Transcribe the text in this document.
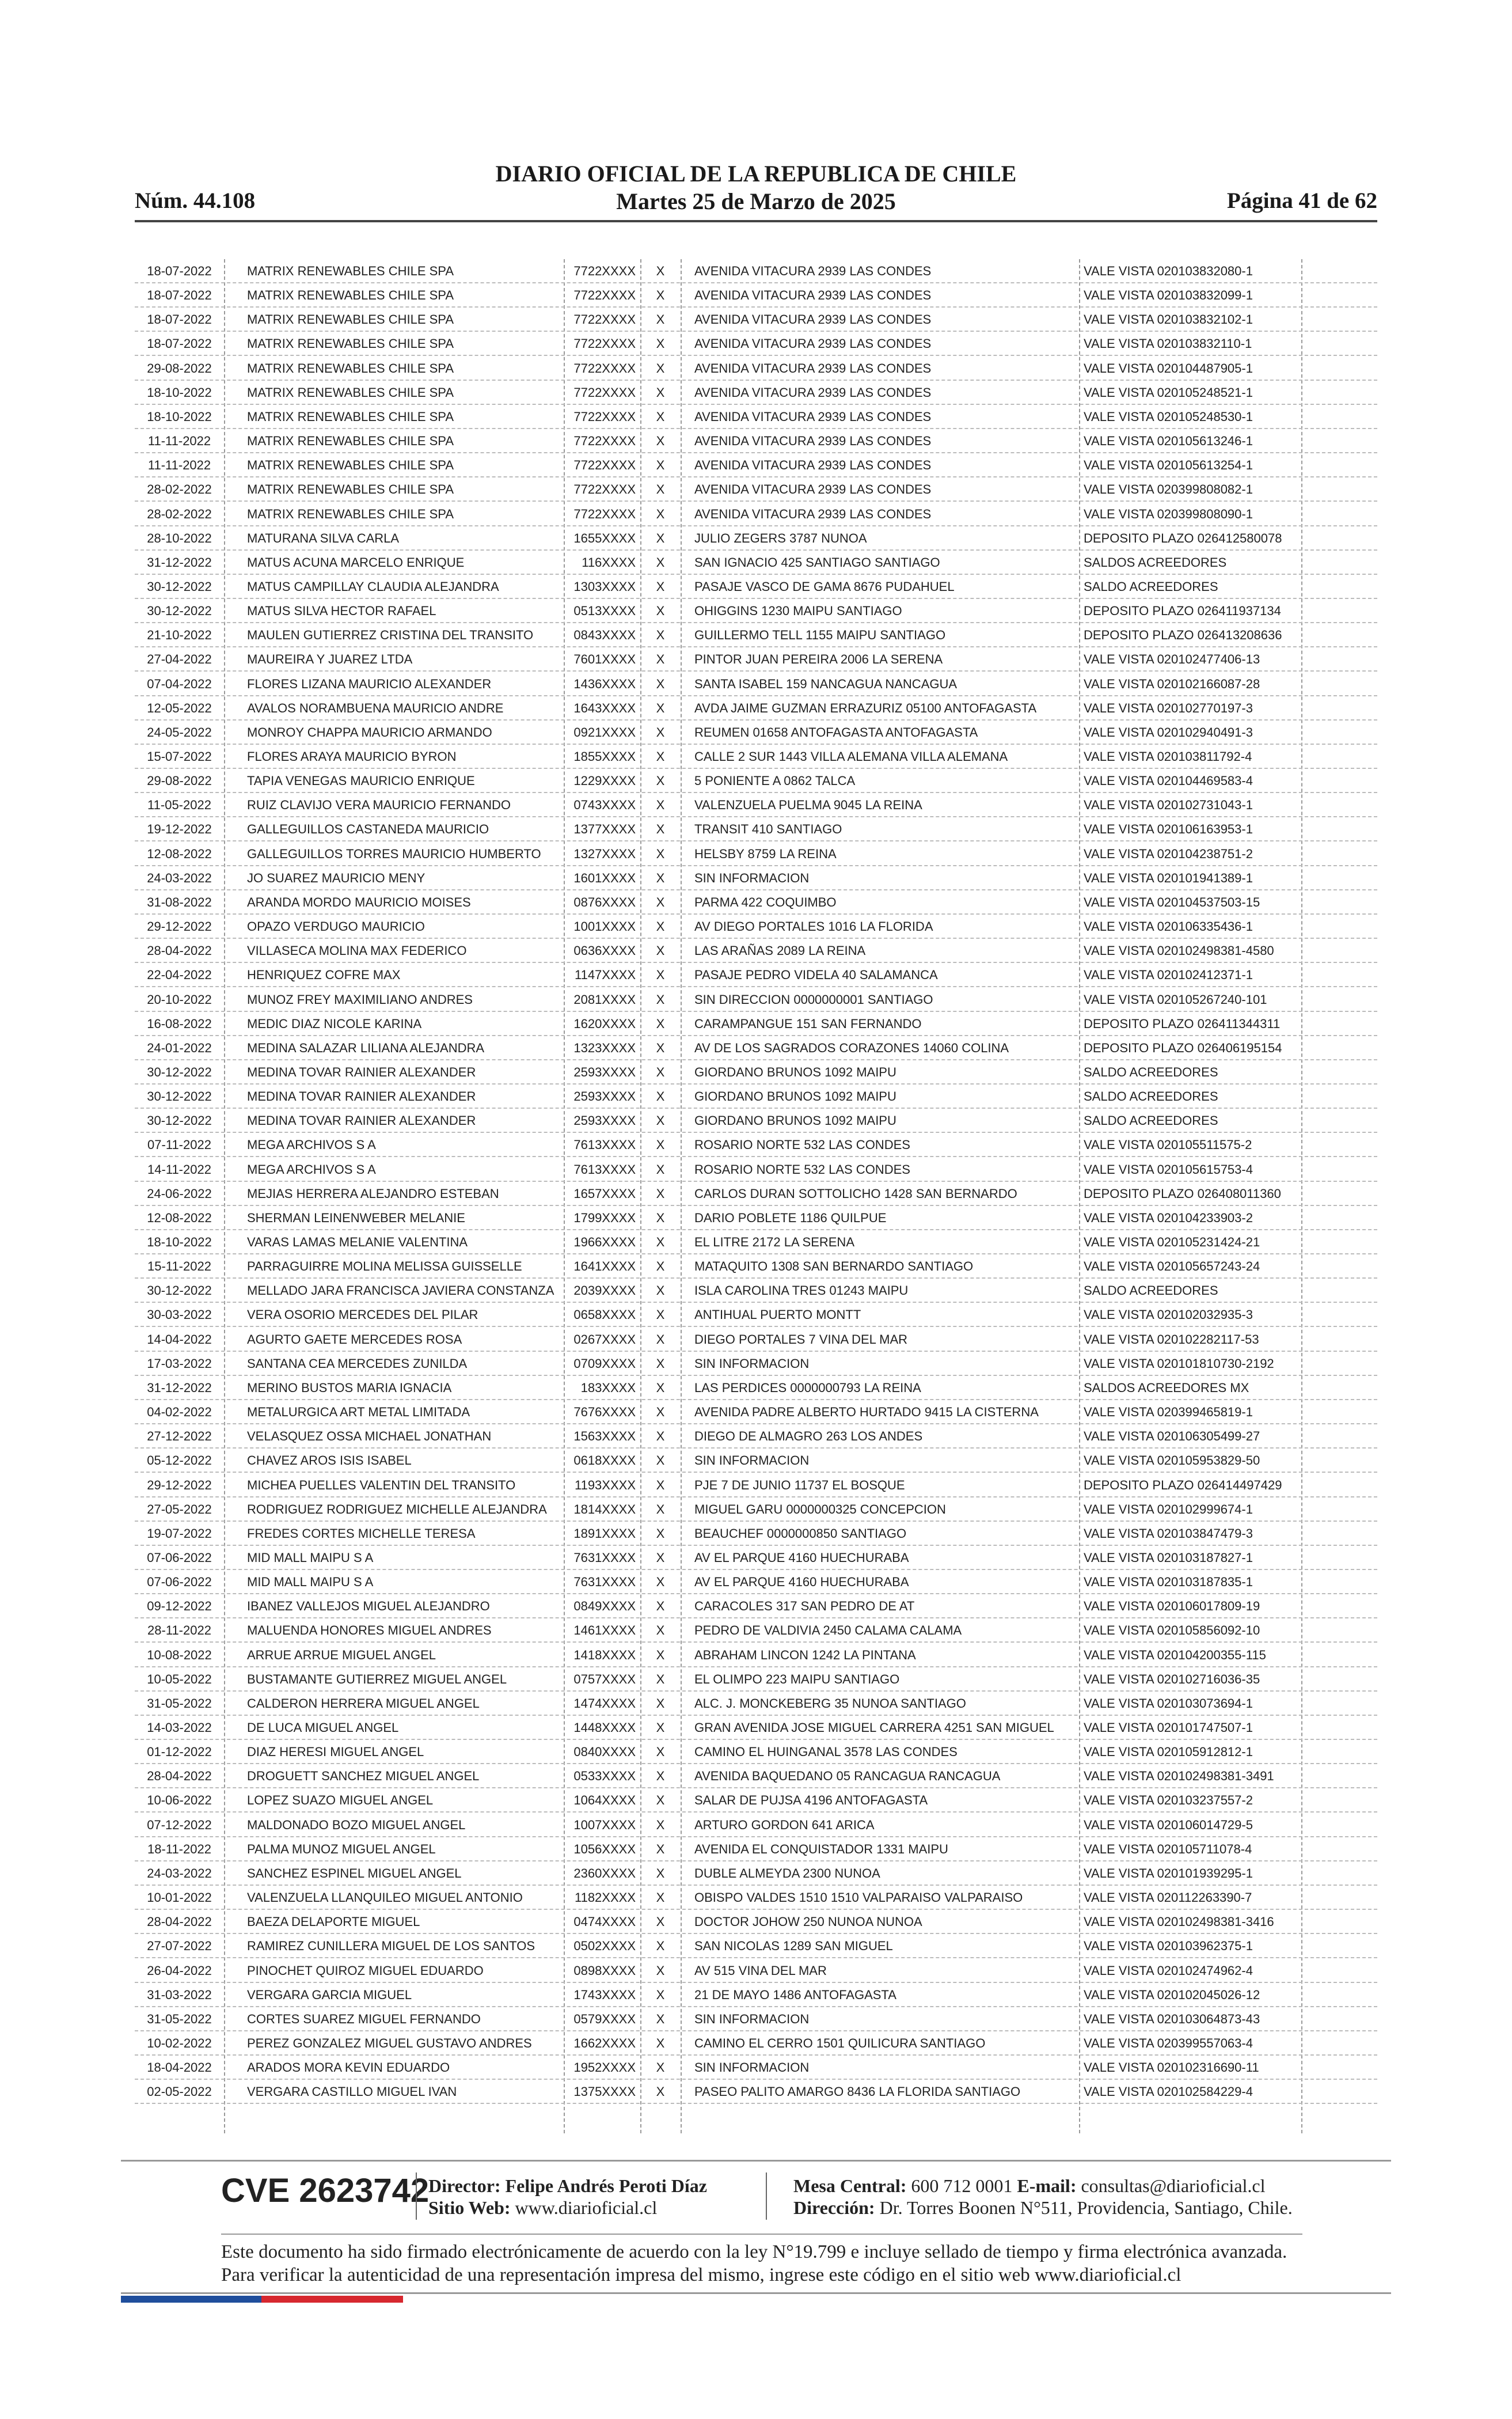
Núm. 44.108
DIARIO OFICIAL DE LA REPUBLICA DE CHILE
Martes 25 de Marzo de 2025	Página 41 de 62
18-07-2022	MATRIX RENEWABLES CHILE SPA	7722XXXX	X	AVENIDA VITACURA 2939 LAS CONDES	VALE VISTA 020103832080-1
18-07-2022	MATRIX RENEWABLES CHILE SPA	7722XXXX	X	AVENIDA VITACURA 2939 LAS CONDES	VALE VISTA 020103832099-1
18-07-2022	MATRIX RENEWABLES CHILE SPA	7722XXXX	X	AVENIDA VITACURA 2939 LAS CONDES	VALE VISTA 020103832102-1
18-07-2022	MATRIX RENEWABLES CHILE SPA	7722XXXX	X	AVENIDA VITACURA 2939 LAS CONDES	VALE VISTA 020103832110-1
29-08-2022	MATRIX RENEWABLES CHILE SPA	7722XXXX	X	AVENIDA VITACURA 2939 LAS CONDES	VALE VISTA 020104487905-1
18-10-2022	MATRIX RENEWABLES CHILE SPA	7722XXXX	X	AVENIDA VITACURA 2939 LAS CONDES	VALE VISTA 020105248521-1
18-10-2022	MATRIX RENEWABLES CHILE SPA	7722XXXX	X	AVENIDA VITACURA 2939 LAS CONDES	VALE VISTA 020105248530-1
11-11-2022	MATRIX RENEWABLES CHILE SPA	7722XXXX	X	AVENIDA VITACURA 2939 LAS CONDES	VALE VISTA 020105613246-1
11-11-2022	MATRIX RENEWABLES CHILE SPA	7722XXXX	X	AVENIDA VITACURA 2939 LAS CONDES	VALE VISTA 020105613254-1
28-02-2022	MATRIX RENEWABLES CHILE SPA	7722XXXX	X	AVENIDA VITACURA 2939 LAS CONDES	VALE VISTA 020399808082-1
28-02-2022	MATRIX RENEWABLES CHILE SPA	7722XXXX	X	AVENIDA VITACURA 2939 LAS CONDES	VALE VISTA 020399808090-1
28-10-2022	MATURANA SILVA CARLA	1655XXXX	X	JULIO ZEGERS 3787 NUNOA	DEPOSITO PLAZO 026412580078
31-12-2022	MATUS ACUNA MARCELO ENRIQUE	116XXXX	X	SAN IGNACIO 425 SANTIAGO SANTIAGO	SALDOS ACREEDORES
30-12-2022	MATUS CAMPILLAY CLAUDIA ALEJANDRA	1303XXXX	X	PASAJE VASCO DE GAMA 8676 PUDAHUEL	SALDO ACREEDORES
30-12-2022	MATUS SILVA HECTOR RAFAEL	0513XXXX	X	OHIGGINS 1230 MAIPU SANTIAGO	DEPOSITO PLAZO 026411937134
21-10-2022	MAULEN GUTIERREZ CRISTINA DEL TRANSITO	0843XXXX	X	GUILLERMO TELL 1155 MAIPU SANTIAGO	DEPOSITO PLAZO 026413208636
27-04-2022	MAUREIRA Y JUAREZ LTDA	7601XXXX	X	PINTOR JUAN PEREIRA 2006 LA SERENA	VALE VISTA 020102477406-13
07-04-2022	FLORES LIZANA MAURICIO ALEXANDER	1436XXXX	X	SANTA ISABEL 159 NANCAGUA NANCAGUA	VALE VISTA 020102166087-28
12-05-2022	AVALOS NORAMBUENA MAURICIO ANDRE	1643XXXX	X	AVDA JAIME GUZMAN ERRAZURIZ 05100 ANTOFAGASTA	VALE VISTA 020102770197-3
24-05-2022	MONROY CHAPPA MAURICIO ARMANDO	0921XXXX	X	REUMEN 01658 ANTOFAGASTA ANTOFAGASTA	VALE VISTA 020102940491-3
15-07-2022	FLORES ARAYA MAURICIO BYRON	1855XXXX	X	CALLE 2 SUR 1443 VILLA ALEMANA VILLA ALEMANA	VALE VISTA 020103811792-4
29-08-2022	TAPIA VENEGAS MAURICIO ENRIQUE	1229XXXX	X	5 PONIENTE A 0862 TALCA	VALE VISTA 020104469583-4
11-05-2022	RUIZ CLAVIJO VERA MAURICIO FERNANDO	0743XXXX	X	VALENZUELA PUELMA 9045 LA REINA	VALE VISTA 020102731043-1
19-12-2022	GALLEGUILLOS CASTANEDA MAURICIO	1377XXXX	X	TRANSIT 410 SANTIAGO	VALE VISTA 020106163953-1
12-08-2022	GALLEGUILLOS TORRES MAURICIO HUMBERTO	1327XXXX	X	HELSBY 8759 LA REINA	VALE VISTA 020104238751-2
24-03-2022	JO SUAREZ MAURICIO MENY	1601XXXX	X	SIN INFORMACION	VALE VISTA 020101941389-1
31-08-2022	ARANDA MORDO MAURICIO MOISES	0876XXXX	X	PARMA 422 COQUIMBO	VALE VISTA 020104537503-15
29-12-2022	OPAZO VERDUGO MAURICIO	1001XXXX	X	AV DIEGO PORTALES 1016 LA FLORIDA	VALE VISTA 020106335436-1
28-04-2022	VILLASECA MOLINA MAX FEDERICO	0636XXXX	X	LAS ARAÑAS 2089 LA REINA	VALE VISTA 020102498381-4580
22-04-2022	HENRIQUEZ COFRE MAX	1147XXXX	X	PASAJE PEDRO VIDELA 40 SALAMANCA	VALE VISTA 020102412371-1
20-10-2022	MUNOZ FREY MAXIMILIANO ANDRES	2081XXXX	X	SIN DIRECCION 0000000001 SANTIAGO	VALE VISTA 020105267240-101
16-08-2022	MEDIC DIAZ NICOLE KARINA	1620XXXX	X	CARAMPANGUE 151 SAN FERNANDO	DEPOSITO PLAZO 026411344311
24-01-2022	MEDINA SALAZAR LILIANA ALEJANDRA	1323XXXX	X	AV DE LOS SAGRADOS CORAZONES 14060 COLINA	DEPOSITO PLAZO 026406195154
30-12-2022	MEDINA TOVAR RAINIER ALEXANDER	2593XXXX	X	GIORDANO BRUNOS 1092 MAIPU	SALDO ACREEDORES
30-12-2022	MEDINA TOVAR RAINIER ALEXANDER	2593XXXX	X	GIORDANO BRUNOS 1092 MAIPU	SALDO ACREEDORES
30-12-2022	MEDINA TOVAR RAINIER ALEXANDER	2593XXXX	X	GIORDANO BRUNOS 1092 MAIPU	SALDO ACREEDORES
07-11-2022	MEGA ARCHIVOS S A	7613XXXX	X	ROSARIO NORTE 532 LAS CONDES	VALE VISTA 020105511575-2
14-11-2022	MEGA ARCHIVOS S A	7613XXXX	X	ROSARIO NORTE 532 LAS CONDES	VALE VISTA 020105615753-4
24-06-2022	MEJIAS HERRERA ALEJANDRO ESTEBAN	1657XXXX	X	CARLOS DURAN SOTTOLICHO 1428 SAN BERNARDO	DEPOSITO PLAZO 026408011360
12-08-2022	SHERMAN LEINENWEBER MELANIE	1799XXXX	X	DARIO POBLETE 1186 QUILPUE	VALE VISTA 020104233903-2
18-10-2022	VARAS LAMAS MELANIE VALENTINA	1966XXXX	X	EL LITRE 2172 LA SERENA	VALE VISTA 020105231424-21
15-11-2022	PARRAGUIRRE MOLINA MELISSA GUISSELLE	1641XXXX	X	MATAQUITO 1308 SAN BERNARDO SANTIAGO	VALE VISTA 020105657243-24
30-12-2022	MELLADO JARA FRANCISCA JAVIERA CONSTANZA	2039XXXX	X	ISLA CAROLINA TRES 01243 MAIPU	SALDO ACREEDORES
30-03-2022	VERA OSORIO MERCEDES DEL PILAR	0658XXXX	X	ANTIHUAL PUERTO MONTT	VALE VISTA 020102032935-3
14-04-2022	AGURTO GAETE MERCEDES ROSA	0267XXXX	X	DIEGO PORTALES 7 VINA DEL MAR	VALE VISTA 020102282117-53
17-03-2022	SANTANA CEA MERCEDES ZUNILDA	0709XXXX	X	SIN INFORMACION	VALE VISTA 020101810730-2192
31-12-2022	MERINO BUSTOS MARIA IGNACIA	183XXXX	X	LAS PERDICES 0000000793 LA REINA	SALDOS ACREEDORES MX
04-02-2022	METALURGICA ART METAL LIMITADA	7676XXXX	X	AVENIDA PADRE ALBERTO HURTADO 9415 LA CISTERNA	VALE VISTA 020399465819-1
27-12-2022	VELASQUEZ OSSA MICHAEL JONATHAN	1563XXXX	X	DIEGO DE ALMAGRO 263 LOS ANDES	VALE VISTA 020106305499-27
05-12-2022	CHAVEZ AROS ISIS ISABEL	0618XXXX	X	SIN INFORMACION	VALE VISTA 020105953829-50
29-12-2022	MICHEA PUELLES VALENTIN DEL TRANSITO	1193XXXX	X	PJE 7 DE JUNIO 11737 EL BOSQUE	DEPOSITO PLAZO 026414497429
27-05-2022	RODRIGUEZ RODRIGUEZ MICHELLE ALEJANDRA	1814XXXX	X	MIGUEL GARU 0000000325 CONCEPCION	VALE VISTA 020102999674-1
19-07-2022	FREDES CORTES MICHELLE TERESA	1891XXXX	X	BEAUCHEF 0000000850 SANTIAGO	VALE VISTA 020103847479-3
07-06-2022	MID MALL MAIPU S A	7631XXXX	X	AV EL PARQUE 4160 HUECHURABA	VALE VISTA 020103187827-1
07-06-2022	MID MALL MAIPU S A	7631XXXX	X	AV EL PARQUE 4160 HUECHURABA	VALE VISTA 020103187835-1
09-12-2022	IBANEZ VALLEJOS MIGUEL ALEJANDRO	0849XXXX	X	CARACOLES 317 SAN PEDRO DE AT	VALE VISTA 020106017809-19
28-11-2022	MALUENDA HONORES MIGUEL ANDRES	1461XXXX	X	PEDRO DE VALDIVIA 2450 CALAMA CALAMA	VALE VISTA 020105856092-10
10-08-2022	ARRUE ARRUE MIGUEL ANGEL	1418XXXX	X	ABRAHAM LINCON 1242 LA PINTANA	VALE VISTA 020104200355-115
10-05-2022	BUSTAMANTE GUTIERREZ MIGUEL ANGEL	0757XXXX	X	EL OLIMPO 223 MAIPU SANTIAGO	VALE VISTA 020102716036-35
31-05-2022	CALDERON HERRERA MIGUEL ANGEL	1474XXXX	X	ALC. J. MONCKEBERG 35 NUNOA SANTIAGO	VALE VISTA 020103073694-1
14-03-2022	DE LUCA MIGUEL ANGEL	1448XXXX	X	GRAN AVENIDA JOSE MIGUEL CARRERA 4251 SAN MIGUEL	VALE VISTA 020101747507-1
01-12-2022	DIAZ HERESI MIGUEL ANGEL	0840XXXX	X	CAMINO EL HUINGANAL 3578 LAS CONDES	VALE VISTA 020105912812-1
28-04-2022	DROGUETT SANCHEZ MIGUEL ANGEL	0533XXXX	X	AVENIDA BAQUEDANO 05 RANCAGUA RANCAGUA	VALE VISTA 020102498381-3491
10-06-2022	LOPEZ SUAZO MIGUEL ANGEL	1064XXXX	X	SALAR DE PUJSA 4196 ANTOFAGASTA	VALE VISTA 020103237557-2
07-12-2022	MALDONADO BOZO MIGUEL ANGEL	1007XXXX	X	ARTURO GORDON 641 ARICA	VALE VISTA 020106014729-5
18-11-2022	PALMA MUNOZ MIGUEL ANGEL	1056XXXX	X	AVENIDA EL CONQUISTADOR 1331 MAIPU	VALE VISTA 020105711078-4
24-03-2022	SANCHEZ ESPINEL MIGUEL ANGEL	2360XXXX	X	DUBLE ALMEYDA 2300 NUNOA	VALE VISTA 020101939295-1
10-01-2022	VALENZUELA LLANQUILEO MIGUEL ANTONIO	1182XXXX	X	OBISPO VALDES 1510 1510 VALPARAISO VALPARAISO	VALE VISTA 020112263390-7
28-04-2022	BAEZA DELAPORTE MIGUEL	0474XXXX	X	DOCTOR JOHOW 250 NUNOA NUNOA	VALE VISTA 020102498381-3416
27-07-2022	RAMIREZ CUNILLERA MIGUEL DE LOS SANTOS	0502XXXX	X	SAN NICOLAS 1289 SAN MIGUEL	VALE VISTA 020103962375-1
26-04-2022	PINOCHET QUIROZ MIGUEL EDUARDO	0898XXXX	X	AV 515 VINA DEL MAR	VALE VISTA 020102474962-4
31-03-2022	VERGARA GARCIA MIGUEL	1743XXXX	X	21 DE MAYO 1486 ANTOFAGASTA	VALE VISTA 020102045026-12
31-05-2022	CORTES SUAREZ MIGUEL FERNANDO	0579XXXX	X	SIN INFORMACION	VALE VISTA 020103064873-43
10-02-2022	PEREZ GONZALEZ MIGUEL GUSTAVO ANDRES	1662XXXX	X	CAMINO EL CERRO 1501 QUILICURA SANTIAGO	VALE VISTA 020399557063-4
18-04-2022	ARADOS MORA KEVIN EDUARDO	1952XXXX	X	SIN INFORMACION	VALE VISTA 020102316690-11
02-05-2022	VERGARA CASTILLO MIGUEL IVAN	1375XXXX	X	PASEO PALITO AMARGO 8436 LA FLORIDA SANTIAGO	VALE VISTA 020102584229-4
CVE 2623742
Director: Felipe Andrés Peroti Díaz
Sitio Web: www.diarioficial.cl
Mesa Central: 600 712 0001 E-mail: consultas@diarioficial.cl
Dirección: Dr. Torres Boonen N°511, Providencia, Santiago, Chile.
Este documento ha sido firmado electrónicamente de acuerdo con la ley N°19.799 e incluye sellado de tiempo y firma electrónica avanzada. Para verificar la autenticidad de una representación impresa del mismo, ingrese este código en el sitio web www.diarioficial.cl
